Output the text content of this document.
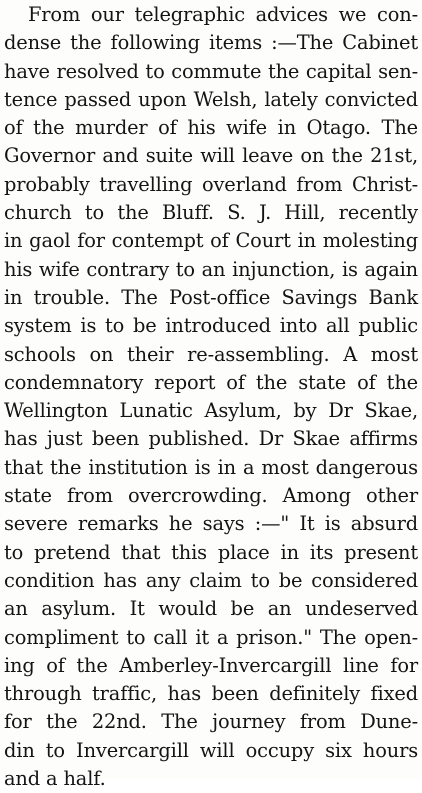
From our telegraphic advices we con-
dense the following items :—The Cabinet
have resolved to commute the capital sen-
tence passed upon Welsh, lately convicted
of the murder of his wife in Otago. The
Governor and suite will leave on the 21st,
probably travelling overland from Christ-
church to the Bluff. S. J. Hill, recently
in gaol for contempt of Court in molesting
his wife contrary to an injunction, is again
in trouble. The Post-office Savings Bank
system is to be introduced into all public
schools on their re-assembling. A most
condemnatory report of the state of the
Wellington Lunatic Asylum, by Dr Skae,
has just been published. Dr Skae affirms
that the institution is in a most dangerous
state from overcrowding. Among other
severe remarks he says :—" It is absurd
to pretend that this place in its present
condition has any claim to be considered
an asylum. It would be an undeserved
compliment to call it a prison." The open-
ing of the Amberley-Invercargill line for
through traffic, has been definitely fixed
for the 22nd. The journey from Dune-
din to Invercargill will occupy six hours
and a half.
